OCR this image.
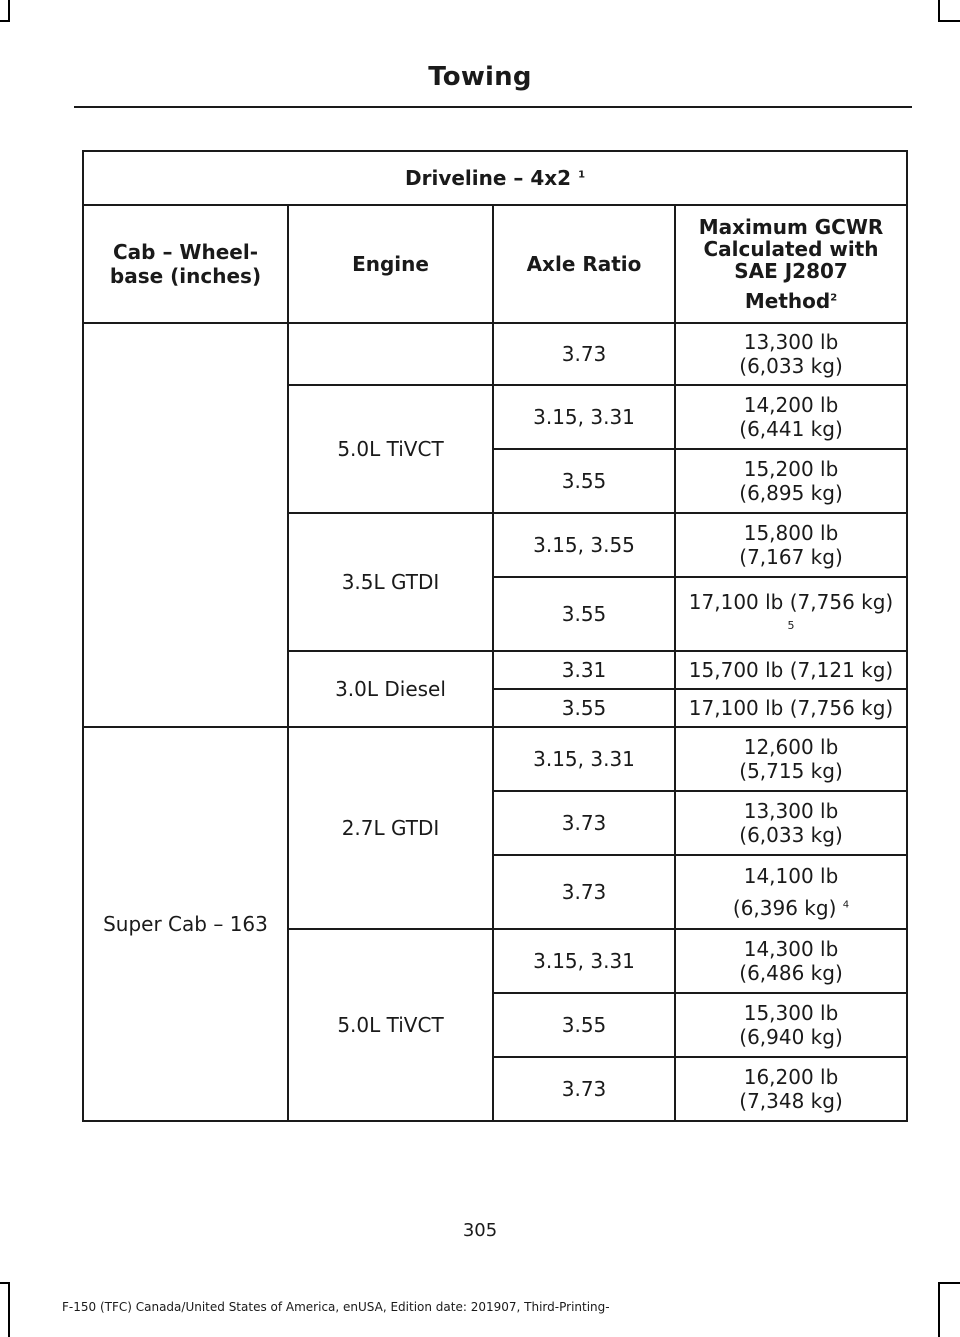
Towing
Driveline – 4x2 $^1$
Cab – Wheel-base (inches)	Engine	Axle Ratio	Maximum GCWR
Calculated with
SAE J2807
Method$^2$

		3.73	13,300 lb
(6,033 kg)

	5.0L TiVCT	3.15, 3.31	14,200 lb
(6,441 kg)

		3.55	15,200 lb
(6,895 kg)

	3.5L GTDI	3.15, 3.55	15,800 lb
(7,167 kg)

		3.55	17,100 lb (7,756 kg)
5

	3.0L Diesel	3.31	15,700 lb (7,121 kg)
		3.55	17,100 lb (7,756 kg)
Super Cab – 163	2.7L GTDI	3.15, 3.31	12,600 lb
(5,715 kg)

		3.73	13,300 lb
(6,033 kg)

		3.73	14,100 lb
(6,396 kg) $^4$

	5.0L TiVCT	3.15, 3.31	14,300 lb
(6,486 kg)

		3.55	15,300 lb
(6,940 kg)

		3.73	16,200 lb
(7,348 kg)
305
F-150 (TFC) Canada/United States of America, enUSA, Edition date: 201907, Third-Printing-
